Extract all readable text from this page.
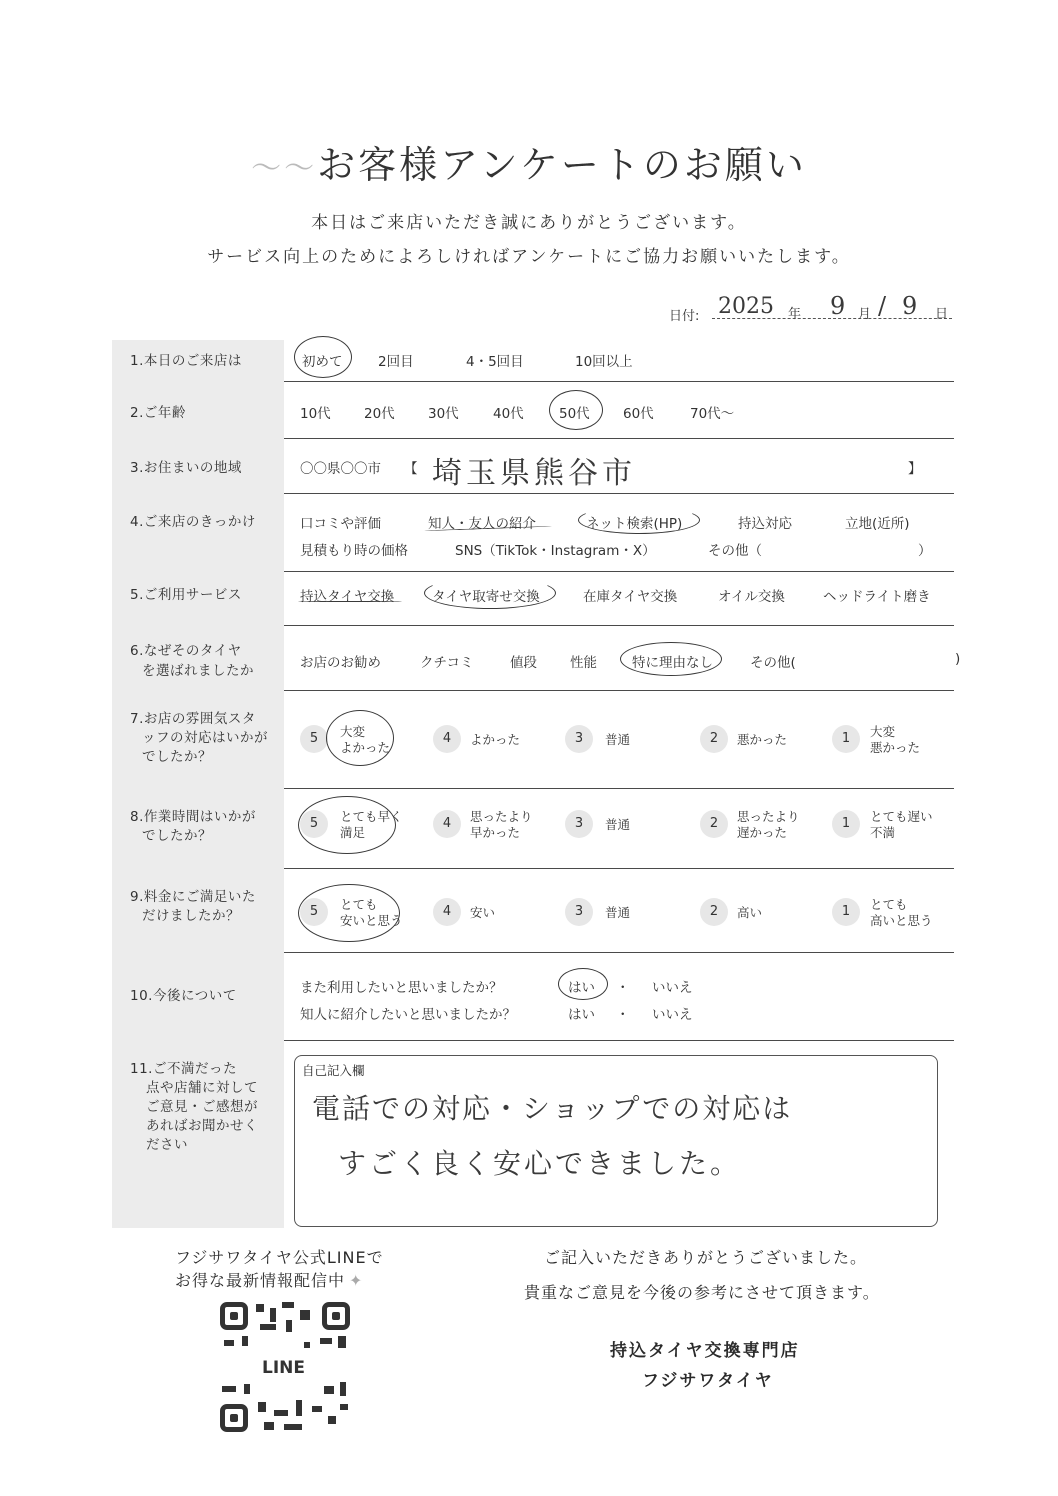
〜〜お客様アンケートのお願い
本日はご来店いただき誠にありがとうございます。
サービス向上のためによろしければアンケートにご協力お願いいたします。
日付: 2025 年 9 月 / 9 日
1.本日のご来店は	初めて	2回目	4・5回目	10回以上
2.ご年齢	10代 20代 30代	40代	50代 60代	70代〜
3.お住まいの地域	〇〇県〇〇市 【	】
埼玉県熊谷市
4.ご来店のきっかけ	口コミや評価	知人・友人の紹介	ネット検索(HP)	持込対応	立地(近所)
見積もり時の価格	SNS（TikTok・Instagram・X）	その他（	）
5.ご利用サービス	持込タイヤ交換	タイヤ取寄せ交換	在庫タイヤ交換	オイル交換	ヘッドライト磨き
6.なぜそのタイヤ
を選ばれましたか	お店のお勧め	クチコミ	値段 性能	特に理由なし	その他(	)
7.お店の雰囲気スタ
ッフの対応はいかが
でしたか？
5	大変
よかった
4	よかった	3	普通	2	悪かった	1	大変
悪かった
8.作業時間はいかが
でしたか？
5	とても早く
満足
4	思ったより
早かった
3	普通	2	思ったより
遅かった
1	とても遅い
不満
9.料金にご満足いた
だけましたか？	5	とても
安いと思う
4	安い	3	普通	2	高い	1	とても
高いと思う
10.今後について	また利用したいと思いましたか？	はい ・ いいえ
知人に紹介したいと思いましたか？	はい ・ いいえ
11.ご不満だった
点や店舗に対して
ご意見・ご感想が
あればお聞かせく
ださい
自己記入欄
電話での対応・ショップでの対応は
すごく良く安心できました。
フジサワタイヤ公式LINEで
お得な最新情報配信中 ✦
LINE
ご記入いただきありがとうございました。
貴重なご意見を今後の参考にさせて頂きます。
持込タイヤ交換専門店
フジサワタイヤ
